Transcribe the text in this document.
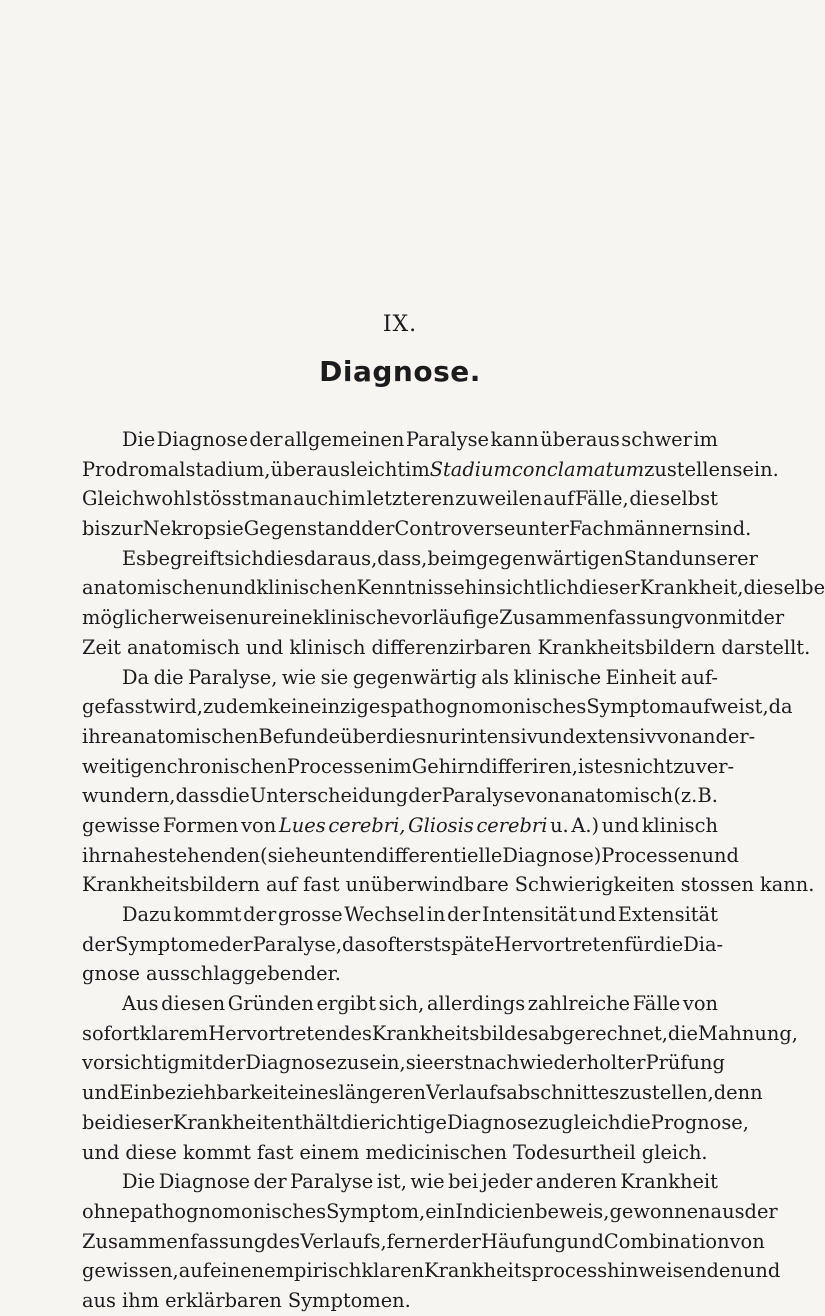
IX.
Diagnose.
Die Diagnose der allgemeinen Paralyse kann überaus schwer im
Prodromalstadium, überaus leicht im Stadium conclamatum zu stellen sein.
Gleichwohl stösst man auch im letzteren zuweilen auf Fälle, die selbst
bis zur Nekropsie Gegenstand der Controverse unter Fachmännern sind.
Es begreift sich dies daraus, dass, beim gegenwärtigen Stand unserer
anatomischen und klinischen Kenntnisse hinsichtlich dieser Krankheit, dieselbe
möglicherweise nur eine klinische vorläufige Zusammenfassung von mit der
Zeit anatomisch und klinisch differenzirbaren Krankheitsbildern darstellt.
Da die Paralyse, wie sie gegenwärtig als klinische Einheit auf-
gefasst wird, zudem kein einziges pathognomonisches Symptom aufweist, da
ihre anatomischen Befunde überdies nur intensiv und extensiv von ander-
weitigen chronischen Processen im Gehirn differiren, ist es nicht zu ver-
wundern, dass die Unterscheidung der Paralyse von anatomisch (z. B.
gewisse Formen von Lues cerebri, Gliosis cerebri u. A.) und klinisch
ihr nahestehenden (siehe unten differentielle Diagnose) Processen und
Krankheitsbildern auf fast unüberwindbare Schwierigkeiten stossen kann.
Dazu kommt der grosse Wechsel in der Intensität und Extensität
der Symptome der Paralyse, das oft erst späte Hervortreten für die Dia-
gnose ausschlaggebender.
Aus diesen Gründen ergibt sich, allerdings zahlreiche Fälle von
sofort klarem Hervortreten des Krankheitsbildes abgerechnet, die Mahnung,
vorsichtig mit der Diagnose zu sein, sie erst nach wiederholter Prüfung
und Einbeziehbarkeit eines längeren Verlaufsabschnittes zu stellen, denn
bei dieser Krankheit enthält die richtige Diagnose zugleich die Prognose,
und diese kommt fast einem medicinischen Todesurtheil gleich.
Die Diagnose der Paralyse ist, wie bei jeder anderen Krankheit
ohne pathognomonisches Symptom, ein Indicienbeweis, gewonnen aus der
Zusammenfassung des Verlaufs, ferner der Häufung und Combination von
gewissen, auf einen empirisch klaren Krankheitsprocess hinweisenden und
aus ihm erklärbaren Symptomen.
